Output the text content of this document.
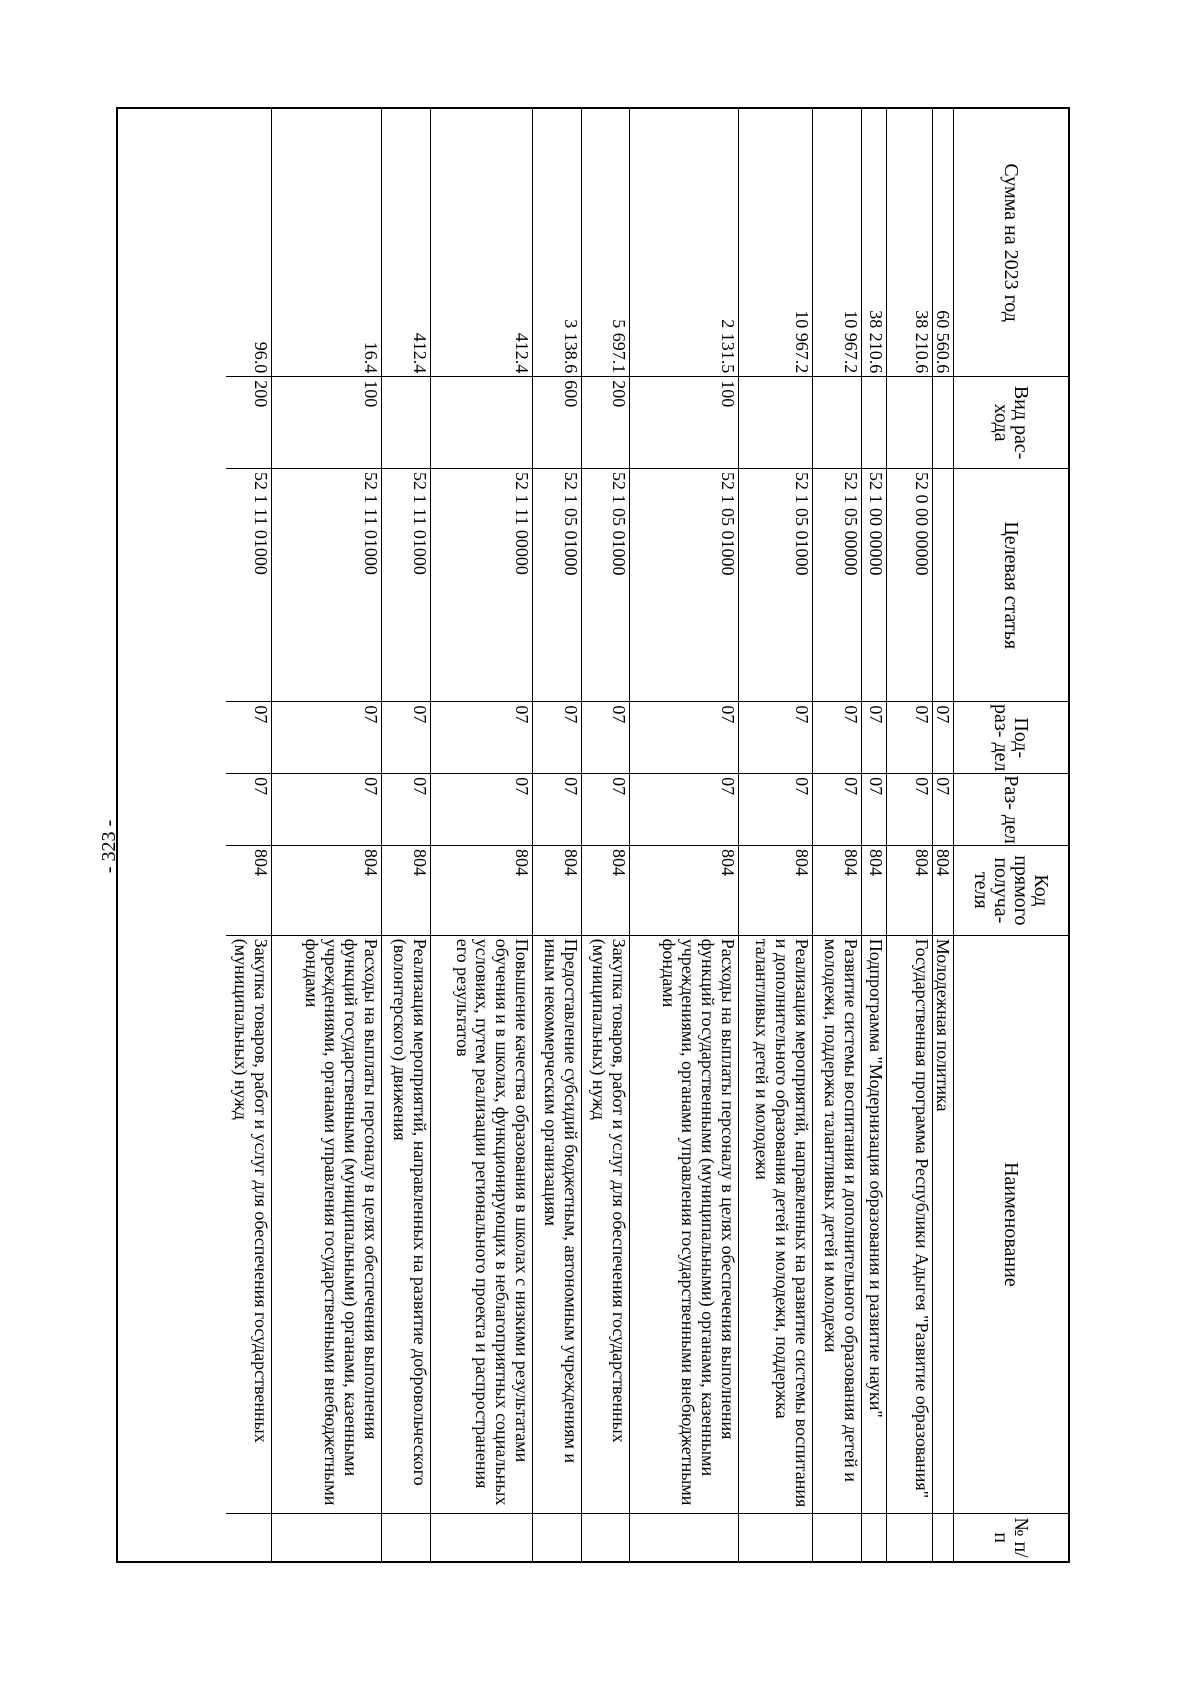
- 323 -
№ п/п
Наименование
Код прямого получа- теля
Раз- дел
Под- раз- дел
Целевая статья
Вид рас- хода
Сумма на 2023 год
Молодежная политика
804
07
07
60 560.6
Государственная программа Республики Адыгея "Развитие образования"
804
07
07
52 0 00 00000
38 210.6
Подпрограмма "Модернизация образования и развитие науки"
804
07
07
52 1 00 00000
38 210.6
Развитие системы воспитания и дополнительного образования детей и молодежи, поддержка талантливых детей и молодежи
804
07
07
52 1 05 00000
10 967.2
Реализация мероприятий, направленных на развитие системы воспитания и дополнительного образования детей и молодежи, поддержка талантливых детей и молодежи
804
07
07
52 1 05 01000
10 967.2
Расходы на выплаты персоналу в целях обеспечения выполнения функций государственными (муниципальными) органами, казенными учреждениями, органами управления государственными внебюджетными фондами
804
07
07
52 1 05 01000
100
2 131.5
Закупка товаров, работ и услуг для обеспечения государственных (муниципальных) нужд
804
07
07
52 1 05 01000
200
5 697.1
Предоставление субсидий бюджетным, автономным учреждениям и иным некоммерческим организациям
804
07
07
52 1 05 01000
600
3 138.6
Повышение качества образования в школах с низкими результатами обучения и в школах, функционирующих в неблагоприятных социальных условиях, путем реализации регионального проекта и распространения его результатов
804
07
07
52 1 11 00000
412.4
Реализация мероприятий, направленных на развитие добровольческого (волонтерского) движения
804
07
07
52 1 11 01000
412.4
Расходы на выплаты персоналу в целях обеспечения выполнения функций государственными (муниципальными) органами, казенными учреждениями, органами управления государственными внебюджетными фондами
804
07
07
52 1 11 01000
100
16.4
Закупка товаров, работ и услуг для обеспечения государственных (муниципальных) нужд
804
07
07
52 1 11 01000
200
96.0
